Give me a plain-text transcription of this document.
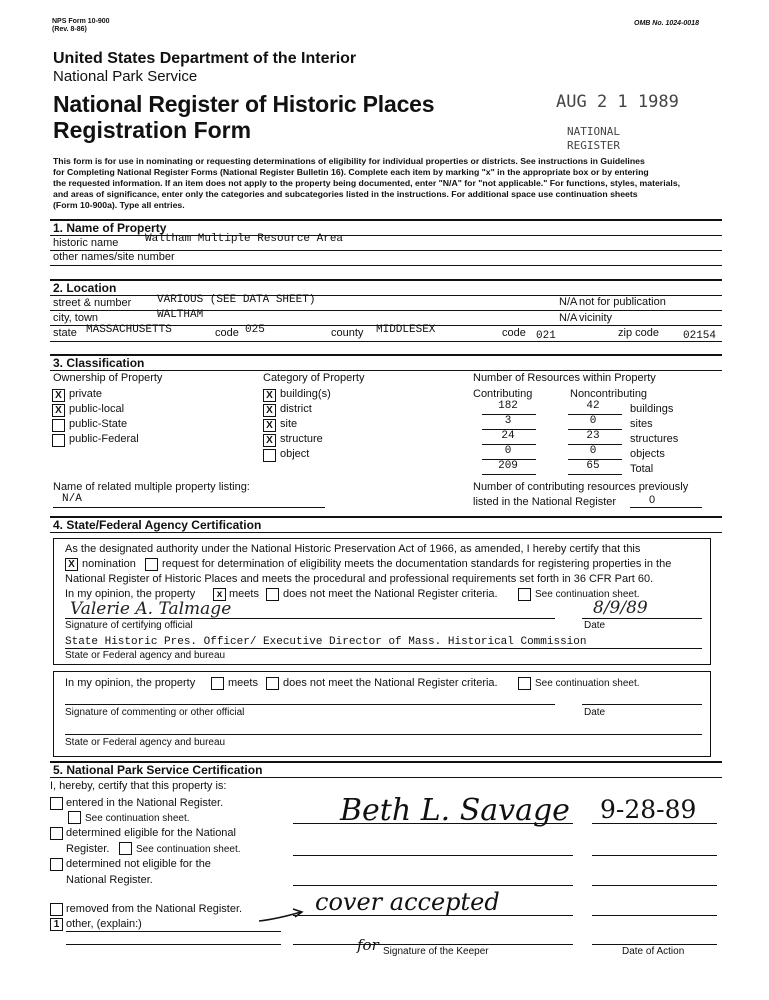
NPS Form 10-900
(Rev. 8-86)
OMB No. 1024-0018
United States Department of the Interior
National Park Service
National Register of Historic Places
Registration Form
AUG 2 1 1989
NATIONAL
REGISTER
This form is for use in nominating or requesting determinations of eligibility for individual properties or districts. See instructions in Guidelines
for Completing National Register Forms (National Register Bulletin 16). Complete each item by marking "x" in the appropriate box or by entering
the requested information. If an item does not apply to the property being documented, enter "N/A" for "not applicable." For functions, styles, materials,
and areas of significance, enter only the categories and subcategories listed in the instructions. For additional space use continuation sheets
(Form 10-900a). Type all entries.
1. Name of Property
historic name Waltham Multiple Resource Area
other names/site number
2. Location
street & number VARIOUS (SEE DATA SHEET)	N/A not for publication
city, town	WALTHAM	N/A vicinity
state MASSACHUSETTS	code 025	county MIDDLESEX	code 021	zip code 02154
3. Classification
Ownership of Property	Category of Property	Number of Resources within Property
X private
X public-local
public-State
public-Federal
X building(s)
X district
X site
X structure
object
Contributing	Noncontributing
182	42	buildings
3	0	sites
24	23	structures
0	0	objects
209	65	Total
Name of related multiple property listing:
N/A
Number of contributing resources previously
listed in the National Register	0
4. State/Federal Agency Certification
As the designated authority under the National Historic Preservation Act of 1966, as amended, I hereby certify that this
X nomination request for determination of eligibility meets the documentation standards for registering properties in the
National Register of Historic Places and meets the procedural and professional requirements set forth in 36 CFR Part 60.
In my opinion, the property	x meets does not meet the National Register criteria.	See continuation sheet.
Valerie A. Talmage	8/9/89
Signature of certifying official	Date
State Historic Pres. Officer/ Executive Director of Mass. Historical Commission
State or Federal agency and bureau
In my opinion, the property	meets does not meet the National Register criteria.	See continuation sheet.
Signature of commenting or other official	Date
State or Federal agency and bureau
5. National Park Service Certification
I, hereby, certify that this property is:
entered in the National Register.
See continuation sheet.
determined eligible for the National
Register.	See continuation sheet.
determined not eligible for the
National Register.
removed from the National Register.
1 other, (explain:)
Beth L. Savage 9-28-89
cover accepted
for Signature of the Keeper	Date of Action
